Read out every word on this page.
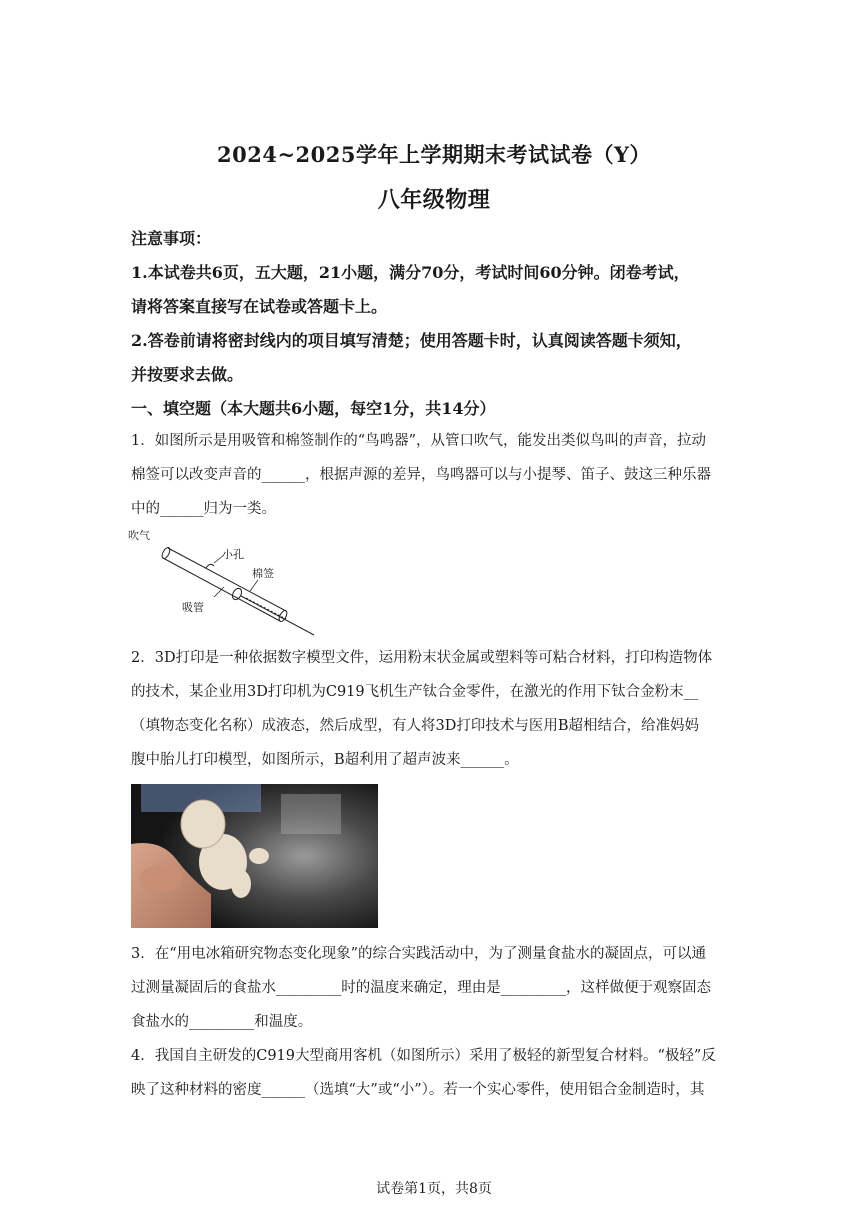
2024~2025学年上学期期末考试试卷（Y）
八年级物理

注意事项：

1.本试卷共6页，五大题，21小题，满分70分，考试时间60分钟。闭卷考试，

请将答案直接写在试卷或答题卡上。

2.答卷前请将密封线内的项目填写清楚；使用答题卡时，认真阅读答题卡须知，

并按要求去做。

一、填空题（本大题共6小题，每空1分，共14分）

1．如图所示是用吸管和棉签制作的“鸟鸣器”，从管口吹气，能发出类似鸟叫的声音，拉动

棉签可以改变声音的______，根据声源的差异，鸟鸣器可以与小提琴、笛子、鼓这三种乐器

中的______归为一类。

吹气
小孔
棉签
吸管

2．3D打印是一种依据数字模型文件，运用粉末状金属或塑料等可粘合材料，打印构造物体

的技术，某企业用3D打印机为C919飞机生产钛合金零件，在激光的作用下钛合金粉末__

（填物态变化名称）成液态，然后成型，有人将3D打印技术与医用B超相结合，给准妈妈

腹中胎儿打印模型，如图所示，B超利用了超声波来______。

3．在“用电冰箱研究物态变化现象”的综合实践活动中，为了测量食盐水的凝固点，可以通

过测量凝固后的食盐水_________时的温度来确定，理由是_________，这样做便于观察固态

食盐水的_________和温度。

4．我国自主研发的C919大型商用客机（如图所示）采用了极轻的新型复合材料。“极轻”反

映了这种材料的密度______（选填“大”或“小”）。若一个实心零件，使用铝合金制造时，其

试卷第1页，共8页
